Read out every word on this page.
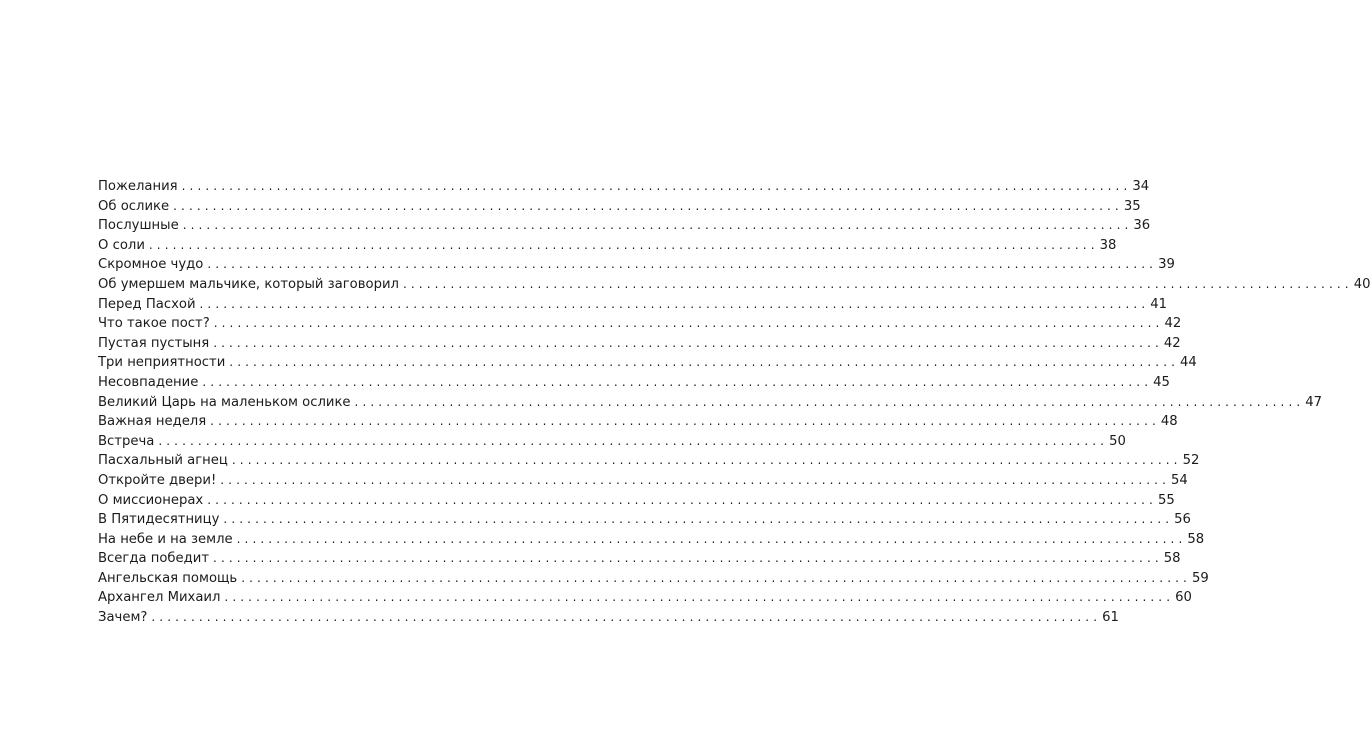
Пожелания ........................................................................................................................ 34
Об ослике ........................................................................................................................ 35
Послушные ........................................................................................................................ 36
О соли ........................................................................................................................ 38
Скромное чудо ........................................................................................................................ 39
Об умершем мальчике, который заговорил ........................................................................................................................ 40
Перед Пасхой ........................................................................................................................ 41
Что такое пост? ........................................................................................................................ 42
Пустая пустыня ........................................................................................................................ 42
Три неприятности ........................................................................................................................ 44
Несовпадение ........................................................................................................................ 45
Великий Царь на маленьком ослике ........................................................................................................................ 47
Важная неделя ........................................................................................................................ 48
Встреча ........................................................................................................................ 50
Пасхальный агнец ........................................................................................................................ 52
Откройте двери! ........................................................................................................................ 54
О миссионерах ........................................................................................................................ 55
В Пятидесятницу ........................................................................................................................ 56
На небе и на земле ........................................................................................................................ 58
Всегда победит ........................................................................................................................ 58
Ангельская помощь ........................................................................................................................ 59
Архангел Михаил ........................................................................................................................ 60
Зачем? ........................................................................................................................ 61
